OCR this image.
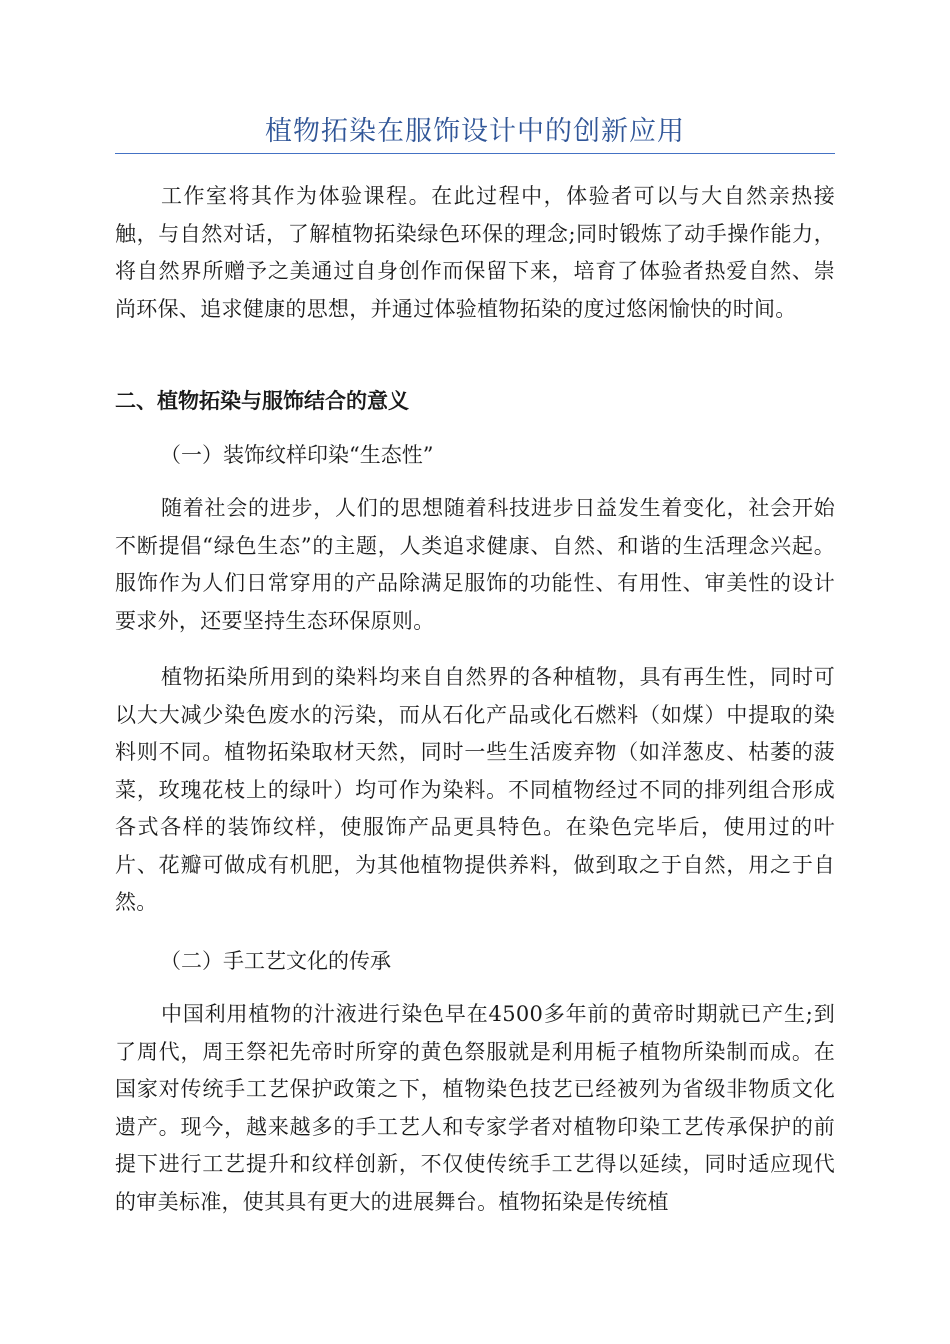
植物拓染在服饰设计中的创新应用

工作室将其作为体验课程。在此过程中，体验者可以与大自然亲热接触，与自然对话，了解植物拓染绿色环保的理念;同时锻炼了动手操作能力，将自然界所赠予之美通过自身创作而保留下来，培育了体验者热爱自然、崇尚环保、追求健康的思想，并通过体验植物拓染的度过悠闲愉快的时间。

二、植物拓染与服饰结合的意义

（一）装饰纹样印染“生态性”

随着社会的进步，人们的思想随着科技进步日益发生着变化，社会开始不断提倡“绿色生态”的主题，人类追求健康、自然、和谐的生活理念兴起。服饰作为人们日常穿用的产品除满足服饰的功能性、有用性、审美性的设计要求外，还要坚持生态环保原则。

植物拓染所用到的染料均来自自然界的各种植物，具有再生性，同时可以大大减少染色废水的污染，而从石化产品或化石燃料（如煤）中提取的染料则不同。植物拓染取材天然，同时一些生活废弃物（如洋葱皮、枯萎的菠菜，玫瑰花枝上的绿叶）均可作为染料。不同植物经过不同的排列组合形成各式各样的装饰纹样，使服饰产品更具特色。在染色完毕后，使用过的叶片、花瓣可做成有机肥，为其他植物提供养料，做到取之于自然，用之于自然。

（二）手工艺文化的传承

中国利用植物的汁液进行染色早在4500多年前的黄帝时期就已产生;到了周代，周王祭祀先帝时所穿的黄色祭服就是利用栀子植物所染制而成。在国家对传统手工艺保护政策之下，植物染色技艺已经被列为省级非物质文化遗产。现今，越来越多的手工艺人和专家学者对植物印染工艺传承保护的前提下进行工艺提升和纹样创新，不仅使传统手工艺得以延续，同时适应现代的审美标准，使其具有更大的进展舞台。植物拓染是传统植
